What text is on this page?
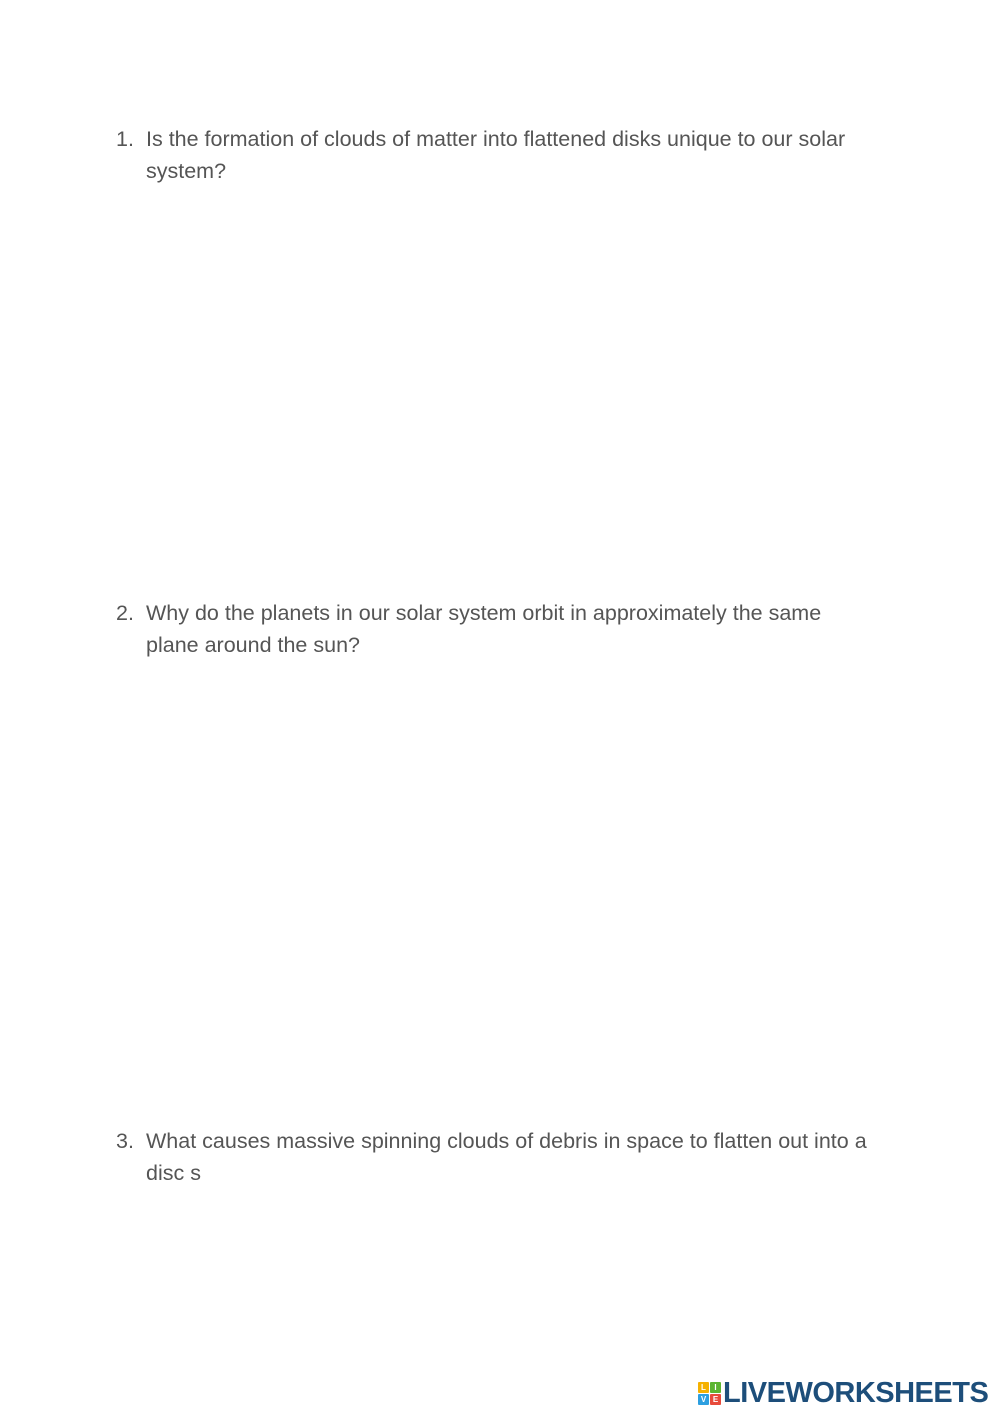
1. Is the formation of clouds of matter into flattened disks unique to our solar system?
2. Why do the planets in our solar system orbit in approximately the same plane around the sun?
3. What causes massive spinning clouds of debris in space to flatten out into a disc s
L	I
V E LIVEWORKSHEETS
